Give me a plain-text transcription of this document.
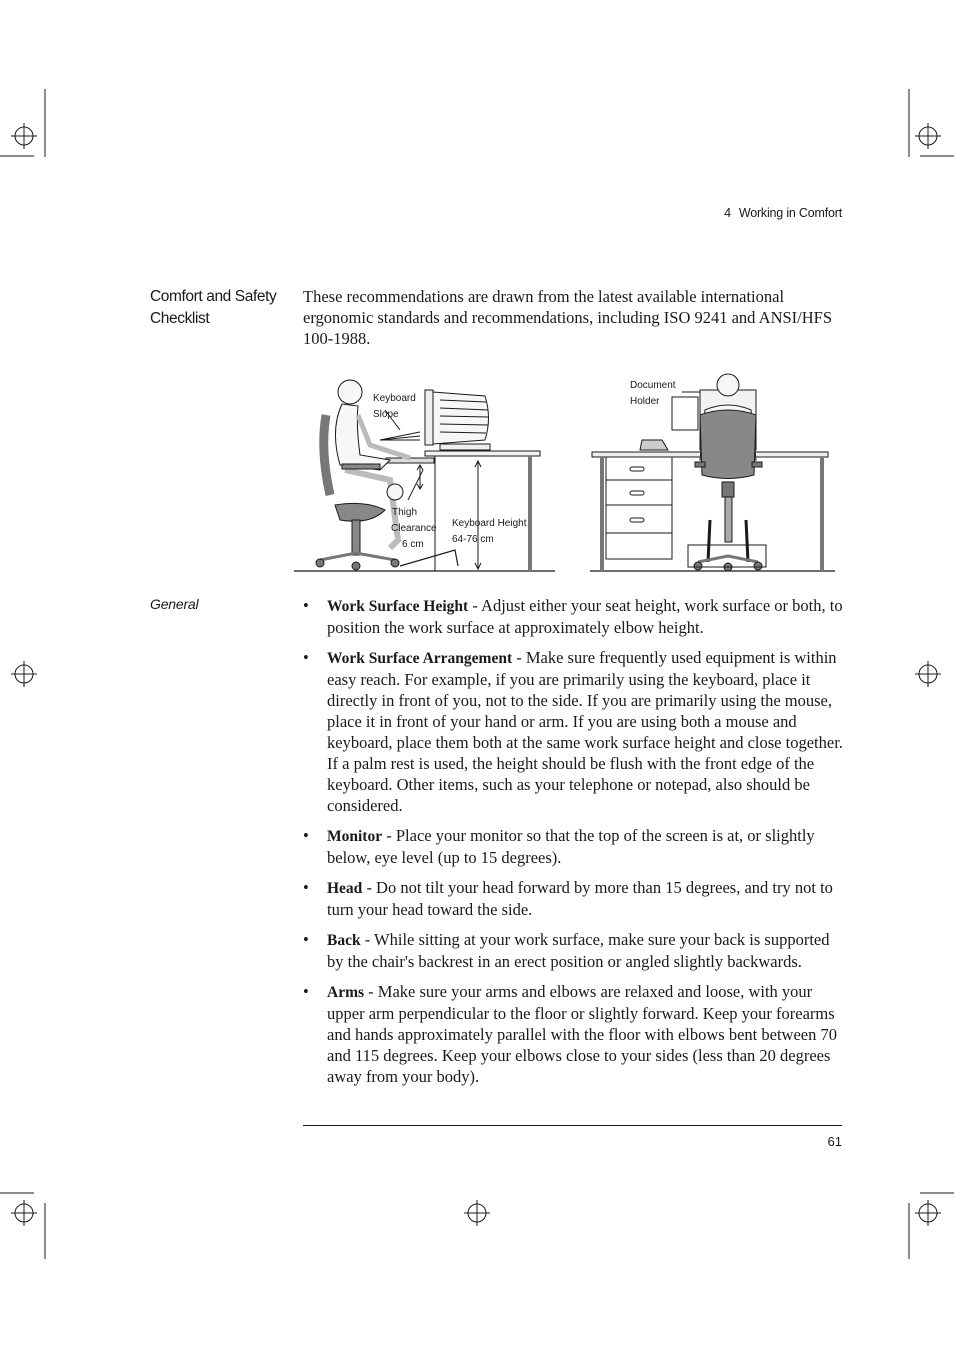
4 Working in Comfort
Comfort and Safety Checklist
These recommendations are drawn from the latest available international ergonomic standards and recommendations, including ISO 9241 and ANSI/HFS 100-1988.
Keyboard
Slope
Thigh
Clearance
6 cm
Keyboard Height
64-76 cm
Document
Holder
General	• Work Surface Height - Adjust either your seat height, work surface or both, to position the work surface at approximately elbow height.
• Work Surface Arrangement - Make sure frequently used equipment is within easy reach. For example, if you are primarily using the keyboard, place it directly in front of you, not to the side. If you are primarily using the mouse, place it in front of your hand or arm. If you are using both a mouse and keyboard, place them both at the same work surface height and close together. If a palm rest is used, the height should be flush with the front edge of the keyboard. Other items, such as your telephone or notepad, also should be considered.
• Monitor - Place your monitor so that the top of the screen is at, or slightly below, eye level (up to 15 degrees).
• Head - Do not tilt your head forward by more than 15 degrees, and try not to turn your head toward the side.
• Back - While sitting at your work surface, make sure your back is supported by the chair's backrest in an erect position or angled slightly backwards.
• Arms - Make sure your arms and elbows are relaxed and loose, with your upper arm perpendicular to the floor or slightly forward. Keep your forearms and hands approximately parallel with the floor with elbows bent between 70 and 115 degrees. Keep your elbows close to your sides (less than 20 degrees away from your body).
61
